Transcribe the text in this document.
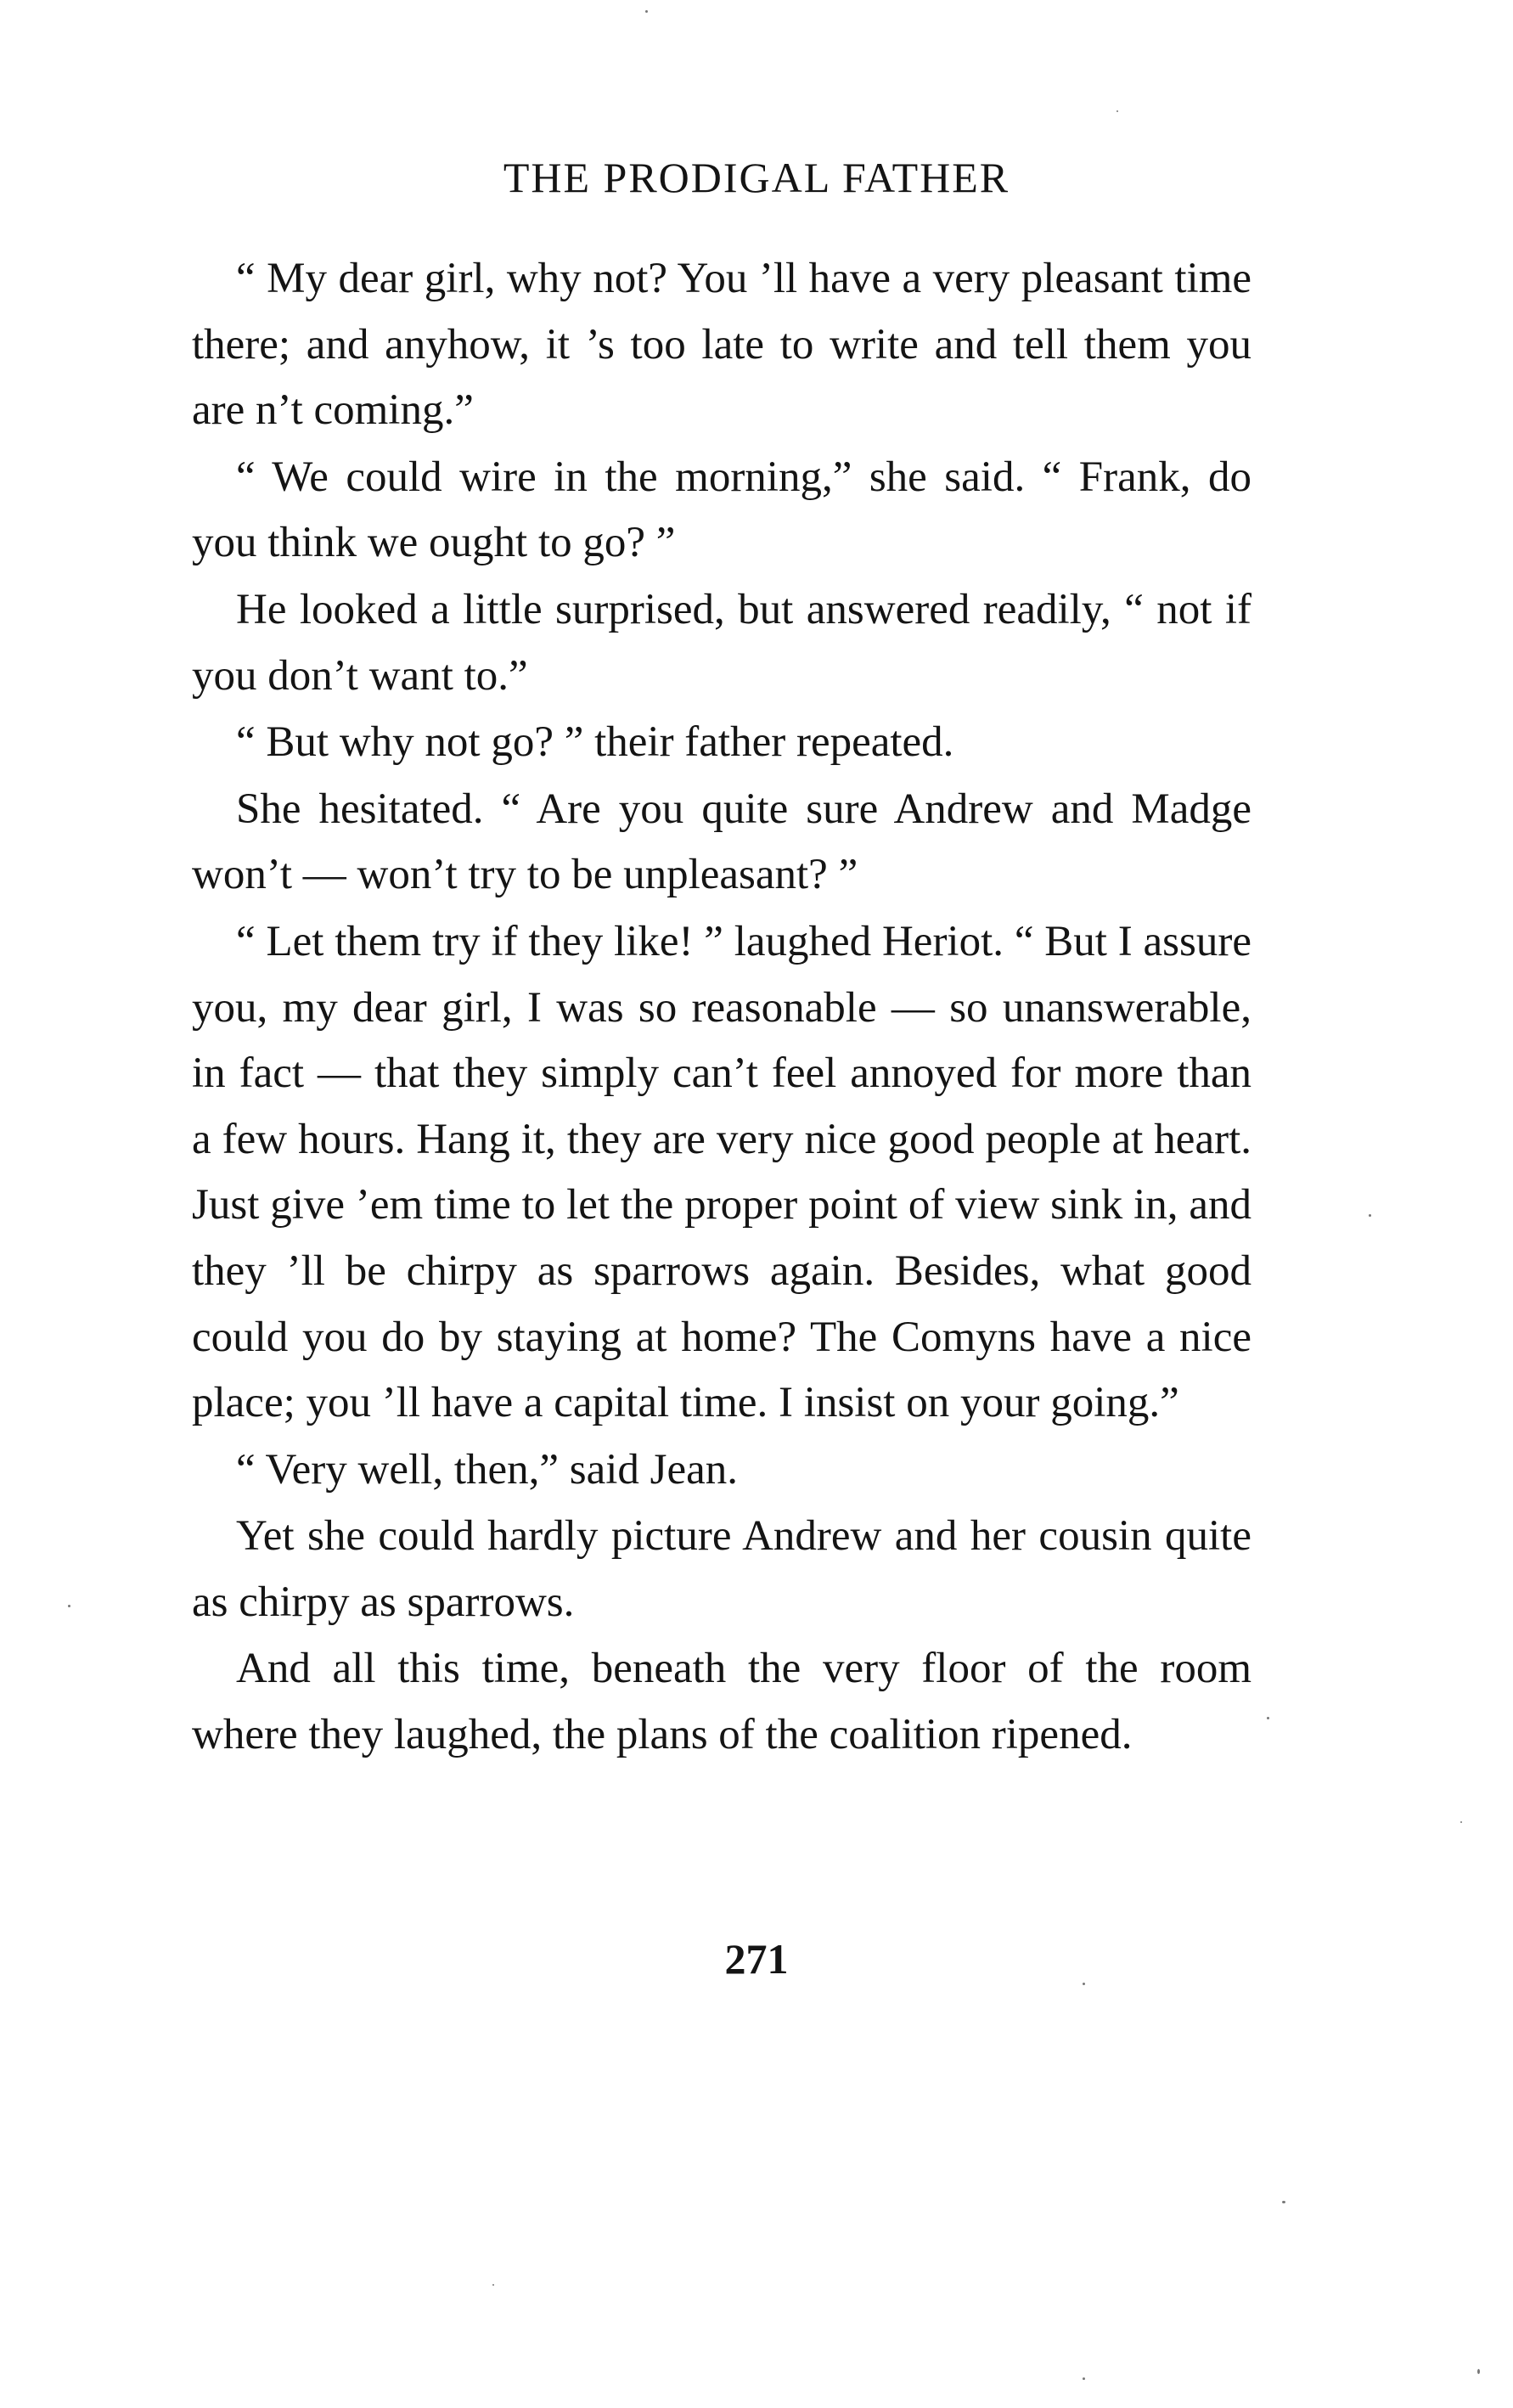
THE PRODIGAL FATHER

“ My dear girl, why not? You ’ll have a very pleasant time there; and anyhow, it ’s too late to write and tell them you are n’t coming.”

“ We could wire in the morning,” she said. “ Frank, do you think we ought to go? ”

He looked a little surprised, but answered readily, “ not if you don’t want to.”

“ But why not go? ” their father repeated.

She hesitated. “ Are you quite sure Andrew and Madge won’t — won’t try to be unpleasant? ”

“ Let them try if they like! ” laughed Heriot. “ But I assure you, my dear girl, I was so reasonable — so unanswerable, in fact — that they simply can’t feel annoyed for more than a few hours. Hang it, they are very nice good people at heart. Just give ’em time to let the proper point of view sink in, and they ’ll be chirpy as sparrows again. Besides, what good could you do by staying at home? The Comyns have a nice place; you ’ll have a capital time. I insist on your going.”

“ Very well, then,” said Jean.

Yet she could hardly picture Andrew and her cousin quite as chirpy as sparrows.

And all this time, beneath the very floor of the room where they laughed, the plans of the coalition ripened.

271
